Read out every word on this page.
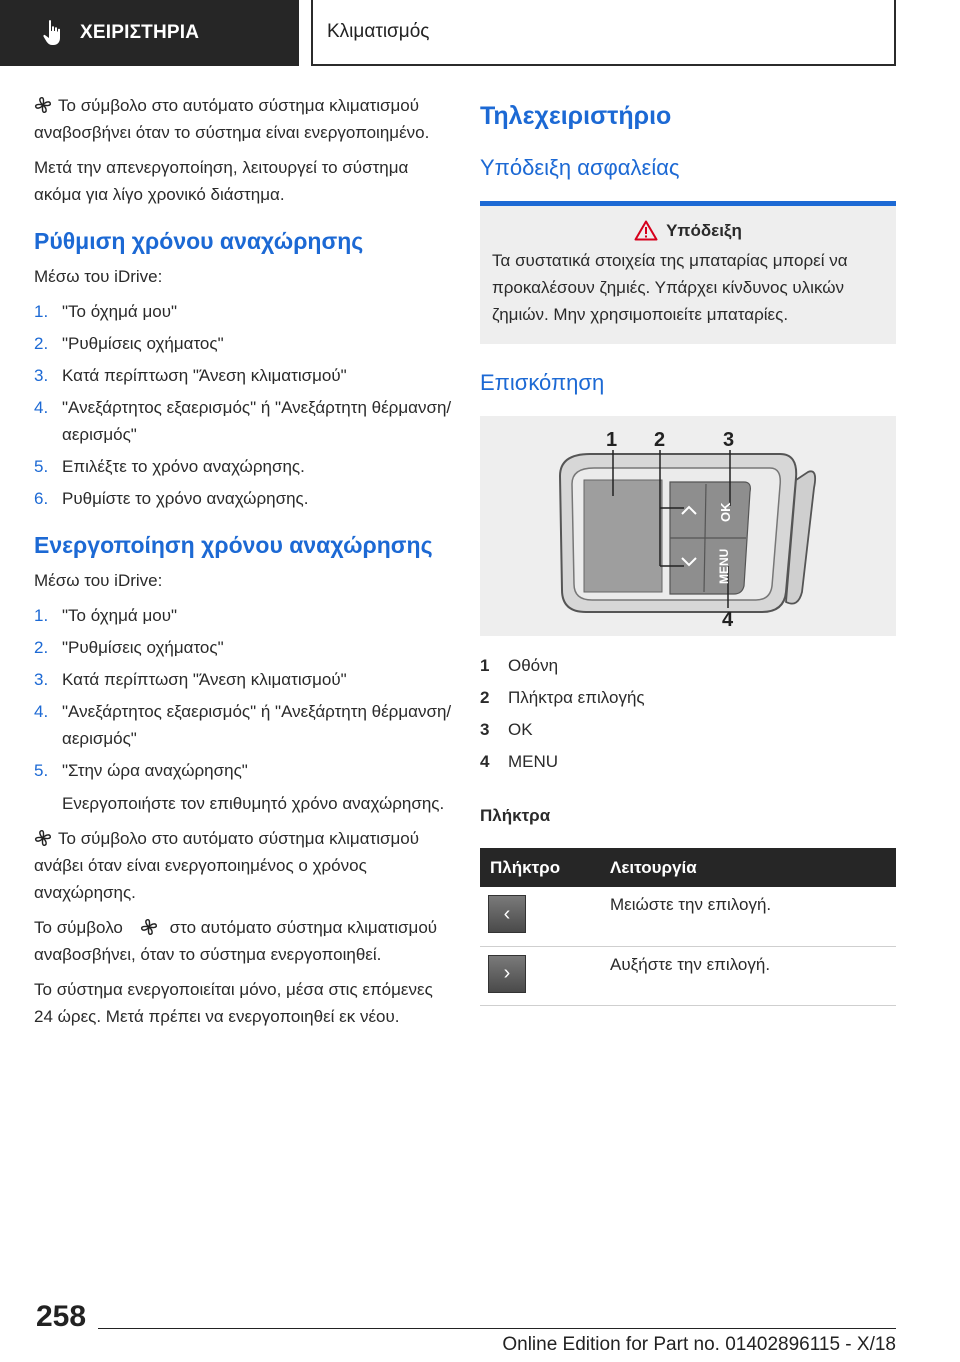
ΧΕΙΡΙΣΤΗΡΙΑ	Κλιματισμός

Το σύμβολο στο αυτόματο σύστημα κλιματισμού αναβοσβήνει όταν το σύστημα είναι ενεργοποιημένο.

Μετά την απενεργοποίηση, λειτουργεί το σύστημα ακόμα για λίγο χρονικό διάστημα.

Ρύθμιση χρόνου αναχώρησης

Μέσω του iDrive:

1. "Το όχημά μου"
2. "Ρυθμίσεις οχήματος"
3. Κατά περίπτωση "Άνεση κλιματισμού"
4. "Ανεξάρτητος εξαερισμός" ή "Ανεξάρτητη θέρμανση/αερισμός"
5. Επιλέξτε το χρόνο αναχώρησης.
6. Ρυθμίστε το χρόνο αναχώρησης.
Ενεργοποίηση χρόνου αναχώρησης

Μέσω του iDrive:

1. "Το όχημά μου"
2. "Ρυθμίσεις οχήματος"
3. Κατά περίπτωση "Άνεση κλιματισμού"
4. "Ανεξάρτητος εξαερισμός" ή "Ανεξάρτητη θέρμανση/αερισμός"
5. "Στην ώρα αναχώρησης"
Ενεργοποιήστε τον επιθυμητό χρόνο αναχώρησης.

Το σύμβολο στο αυτόματο σύστημα κλιματισμού ανάβει όταν είναι ενεργοποιημένος ο χρόνος αναχώρησης.

Το σύμβολο	στο αυτόματο σύστημα κλιματισμού αναβοσβήνει, όταν το σύστημα ενεργοποιηθεί.

Το σύστημα ενεργοποιείται μόνο, μέσα στις επόμενες 24 ώρες. Μετά πρέπει να ενεργοποιηθεί εκ νέου.

Τηλεχειριστήριο
Υπόδειξη ασφαλείας
Υπόδειξη

Τα συστατικά στοιχεία της μπαταρίας μπορεί να προκαλέσουν ζημιές. Υπάρχει κίνδυνος υλικών ζημιών. Μην χρησιμοποιείτε μπαταρίες.

Επισκόπηση
1 2	3
4
OK
MENU
1	Οθόνη
2	Πλήκτρα επιλογής
3	OK
4	MENU
Πλήκτρα
Πλήκτρο	Λειτουργία

‹	Μειώστε την επιλογή.

›	Αυξήστε την επιλογή.
258
Online Edition for Part no. 01402896115 - X/18
